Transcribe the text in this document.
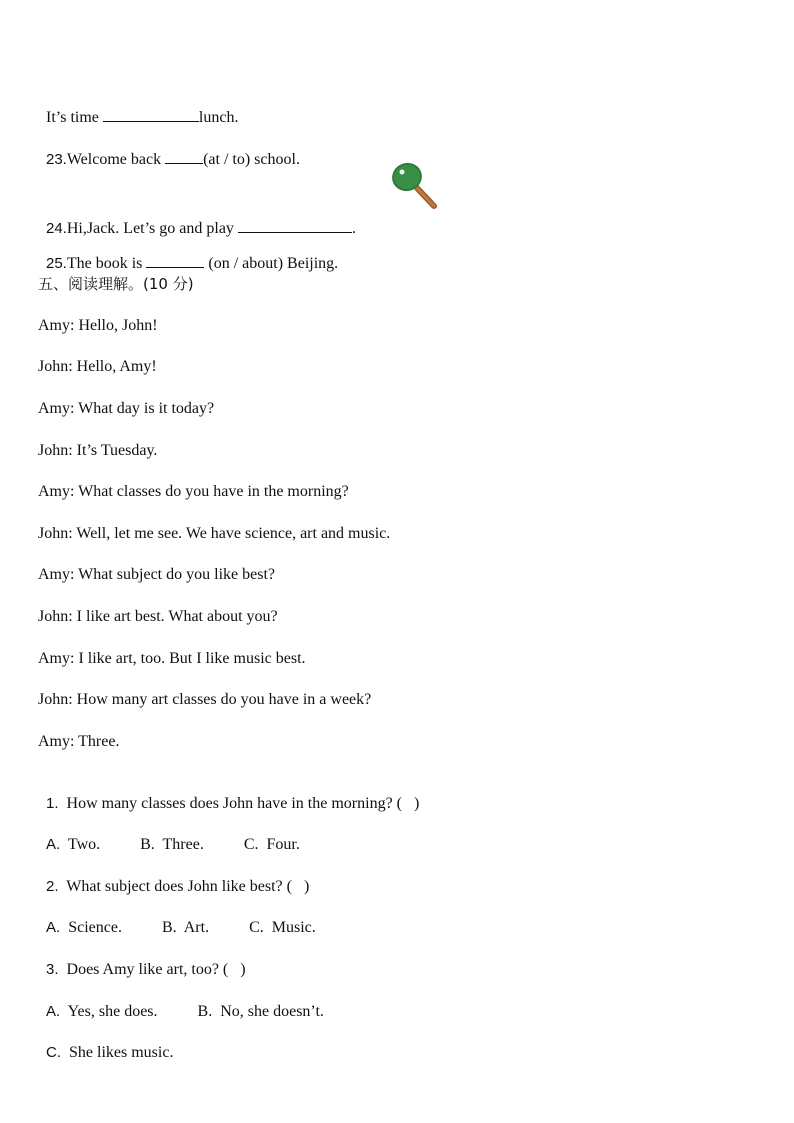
It’s time	lunch.

23.Welcome back (at / to) school.

24.Hi,Jack. Let’s go and play	.

25.The book is	(on / about) Beijing.

五、阅读理解。(10 分)
Amy: Hello, John!
John: Hello, Amy!
Amy: What day is it today?
John: It’s Tuesday.
Amy: What classes do you have in the morning?
John: Well, let me see. We have science, art and music.
Amy: What subject do you like best?
John: I like art best. What about you?
Amy: I like art, too. But I like music best.
John: How many art classes do you have in a week?
Amy: Three.

1. How many classes does John have in the morning? (   )

A. Two.	B. Three.	C. Four.

2. What subject does John like best? (   )

A. Science.	B. Art.	C. Music.

3. Does Amy like art, too? (   )

A. Yes, she does.	B. No, she doesn’t.

C. She likes music.
